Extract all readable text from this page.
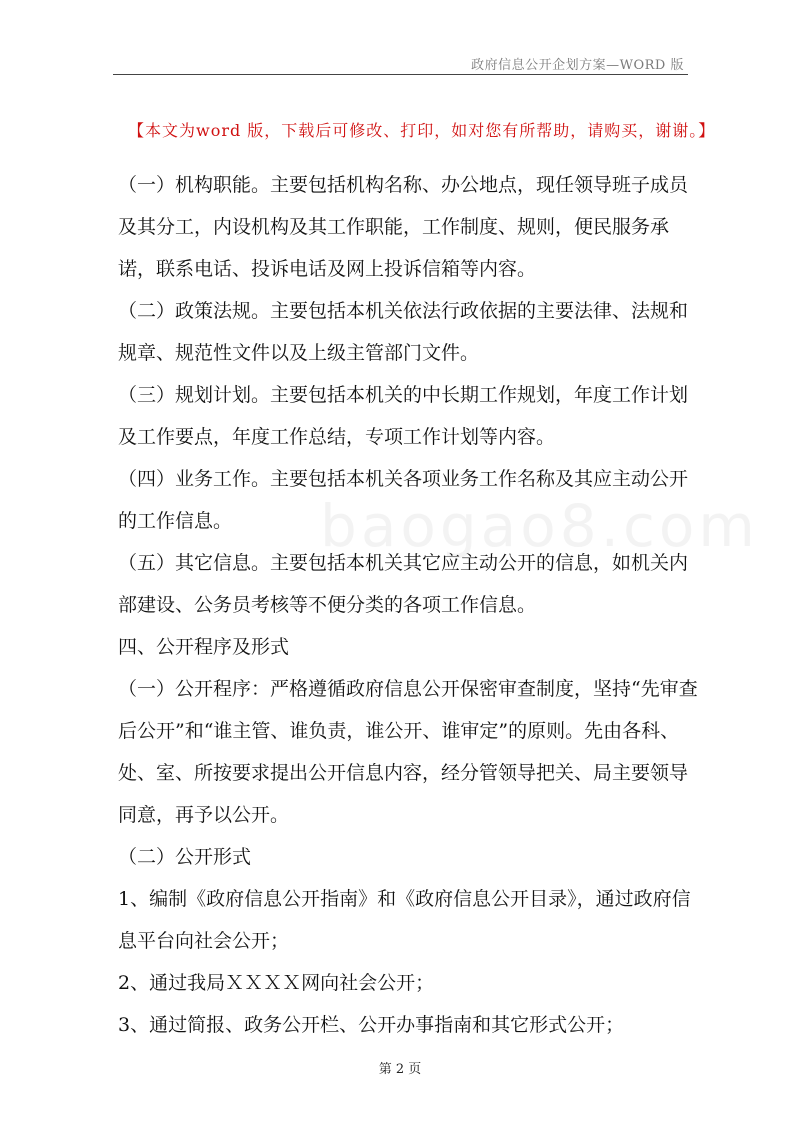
政府信息公开企划方案—WORD 版
【本文为word 版，下载后可修改、打印，如对您有所帮助，请购买，谢谢。】
baogao8.com

（一）机构职能。主要包括机构名称、办公地点，现任领导班子成员及其分工，内设机构及其工作职能，工作制度、规则，便民服务承诺，联系电话、投诉电话及网上投诉信箱等内容。

（二）政策法规。主要包括本机关依法行政依据的主要法律、法规和规章、规范性文件以及上级主管部门文件。

（三）规划计划。主要包括本机关的中长期工作规划，年度工作计划及工作要点，年度工作总结，专项工作计划等内容。

（四）业务工作。主要包括本机关各项业务工作名称及其应主动公开的工作信息。

（五）其它信息。主要包括本机关其它应主动公开的信息，如机关内部建设、公务员考核等不便分类的各项工作信息。

四、公开程序及形式

（一）公开程序：严格遵循政府信息公开保密审查制度，坚持“先审查后公开”和“谁主管、谁负责，谁公开、谁审定”的原则。先由各科、处、室、所按要求提出公开信息内容，经分管领导把关、局主要领导同意，再予以公开。

（二）公开形式

1、编制《政府信息公开指南》和《政府信息公开目录》，通过政府信息平台向社会公开；

2、通过我局ＸＸＸＸ网向社会公开；

3、通过简报、政务公开栏、公开办事指南和其它形式公开；

第 2 页
